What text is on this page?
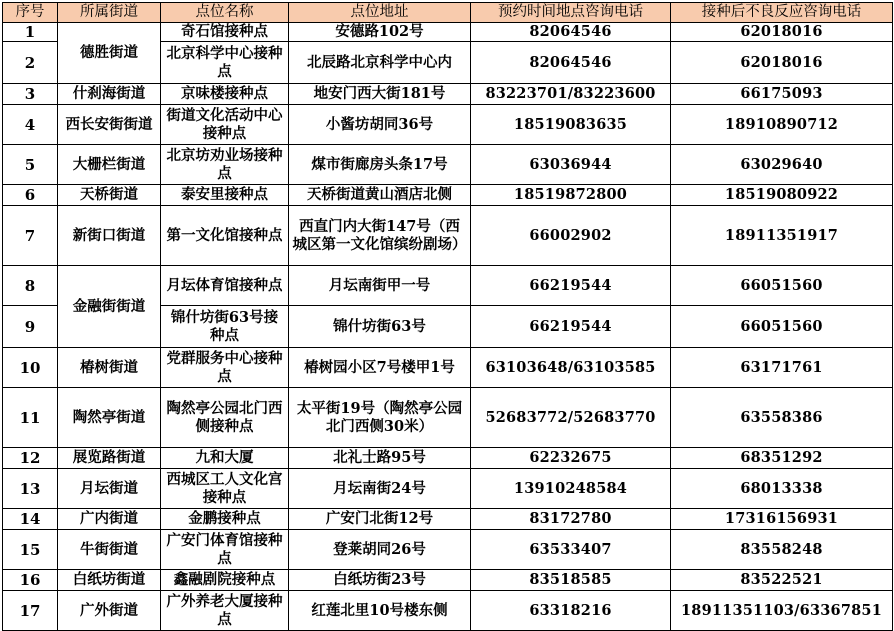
序号	所属街道	点位名称	点位地址	预约时间地点咨询电话	接种后不良反应咨询电话
1	德胜街道	奇石馆接种点	安德路102号	82064546	62018016
2		北京科学中心接种点	北辰路北京科学中心内	82064546	62018016
3	什刹海街道	京味楼接种点	地安门西大街181号	83223701/83223600	66175093
4	西长安街街道	街道文化活动中心接种点	小酱坊胡同36号	18519083635	18910890712
5	大栅栏街道	北京坊劝业场接种点	煤市街廊房头条17号	63036944	63029640
6	天桥街道	泰安里接种点	天桥街道黄山酒店北侧	18519872800	18519080922
7	新街口街道	第一文化馆接种点	西直门内大街147号（西城区第一文化馆缤纷剧场）	66002902	18911351917
8	金融街街道	月坛体育馆接种点	月坛南街甲一号	66219544	66051560
9		锦什坊街63号接种点	锦什坊街63号	66219544	66051560
10	椿树街道	党群服务中心接种点	椿树园小区7号楼甲1号	63103648/63103585	63171761
11	陶然亭街道	陶然亭公园北门西侧接种点	太平街19号（陶然亭公园北门西侧30米）	52683772/52683770	63558386
12	展览路街道	九和大厦	北礼士路95号	62232675	68351292
13	月坛街道	西城区工人文化宫接种点	月坛南街24号	13910248584	68013338
14	广内街道	金鹏接种点	广安门北街12号	83172780	17316156931
15	牛街街道	广安门体育馆接种点	登莱胡同26号	63533407	83558248
16	白纸坊街道	鑫融剧院接种点	白纸坊街23号	83518585	83522521
17	广外街道	广外养老大厦接种点	红莲北里10号楼东侧	63318216	18911351103/63367851
